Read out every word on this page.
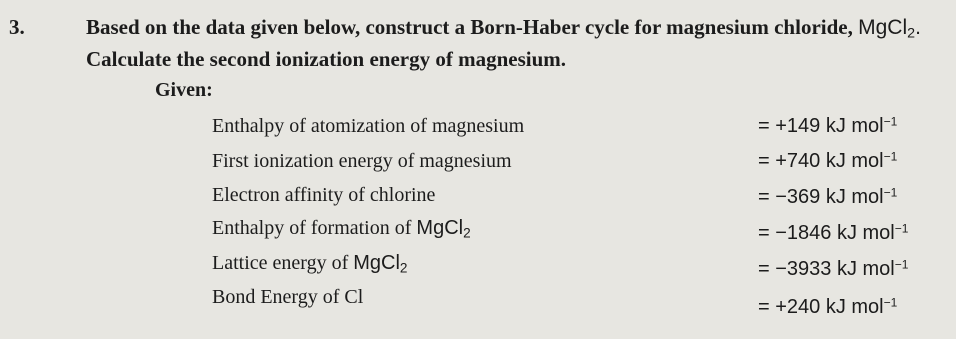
3.	Based on the data given below, construct a Born-Haber cycle for magnesium chloride, MgCl$_2$.
Calculate the second ionization energy of magnesium.
Given:
Enthalpy of atomization of magnesium	= +149 kJ mol$^{-1}$
First ionization energy of magnesium	= +740 kJ mol$^{-1}$
Electron affinity of chlorine	= −369 kJ mol$^{-1}$
Enthalpy of formation of MgCl$_2$	= −1846 kJ mol$^{-1}$
Lattice energy of MgCl$_2$	= −3933 kJ mol$^{-1}$
Bond Energy of Cl	= +240 kJ mol$^{-1}$
